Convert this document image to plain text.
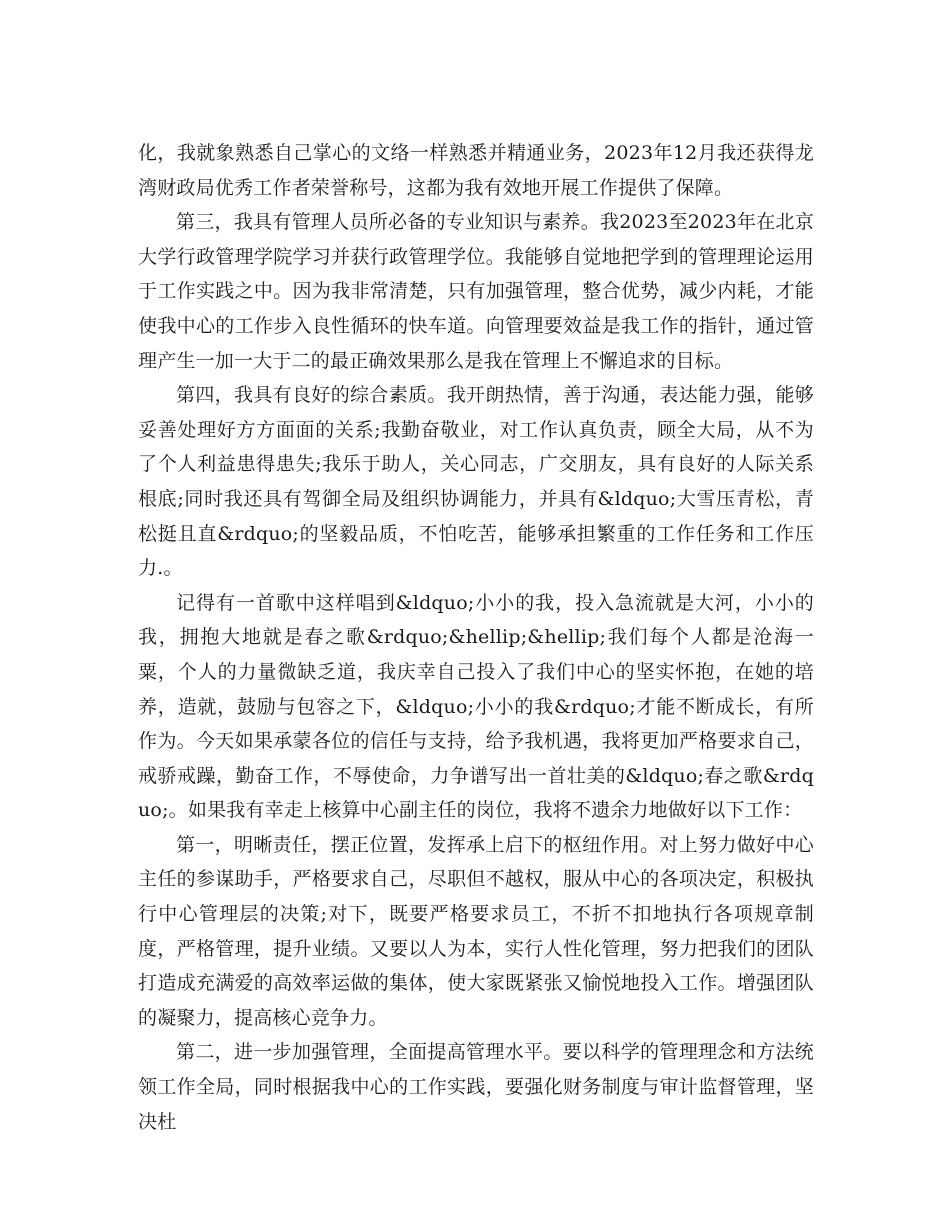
化，我就象熟悉自己掌心的文络一样熟悉并精通业务，2023年12月我还获得龙湾财政局优秀工作者荣誉称号，这都为我有效地开展工作提供了保障。

第三，我具有管理人员所必备的专业知识与素养。我2023至2023年在北京大学行政管理学院学习并获行政管理学位。我能够自觉地把学到的管理理论运用于工作实践之中。因为我非常清楚，只有加强管理，整合优势，减少内耗，才能使我中心的工作步入良性循环的快车道。向管理要效益是我工作的指针，通过管理产生一加一大于二的最正确效果那么是我在管理上不懈追求的目标。

第四，我具有良好的综合素质。我开朗热情，善于沟通，表达能力强，能够妥善处理好方方面面的关系;我勤奋敬业，对工作认真负责，顾全大局，从不为了个人利益患得患失;我乐于助人，关心同志，广交朋友，具有良好的人际关系根底;同时我还具有驾御全局及组织协调能力，并具有&ldquo;大雪压青松，青松挺且直&rdquo;的坚毅品质，不怕吃苦，能够承担繁重的工作任务和工作压力.。

记得有一首歌中这样唱到&ldquo;小小的我，投入急流就是大河，小小的我，拥抱大地就是春之歌&rdquo;&hellip;&hellip;我们每个人都是沧海一粟，个人的力量微缺乏道，我庆幸自己投入了我们中心的坚实怀抱，在她的培养，造就，鼓励与包容之下，&ldquo;小小的我&rdquo;才能不断成长，有所作为。今天如果承蒙各位的信任与支持，给予我机遇，我将更加严格要求自己，戒骄戒躁，勤奋工作，不辱使命，力争谱写出一首壮美的&ldquo;春之歌&rdquo;。如果我有幸走上核算中心副主任的岗位，我将不遗余力地做好以下工作：

第一，明晰责任，摆正位置，发挥承上启下的枢纽作用。对上努力做好中心主任的参谋助手，严格要求自己，尽职但不越权，服从中心的各项决定，积极执行中心管理层的决策;对下，既要严格要求员工，不折不扣地执行各项规章制度，严格管理，提升业绩。又要以人为本，实行人性化管理，努力把我们的团队打造成充满爱的高效率运做的集体，使大家既紧张又愉悦地投入工作。增强团队的凝聚力，提高核心竞争力。

第二，进一步加强管理，全面提高管理水平。要以科学的管理理念和方法统领工作全局，同时根据我中心的工作实践，要强化财务制度与审计监督管理，坚决杜
